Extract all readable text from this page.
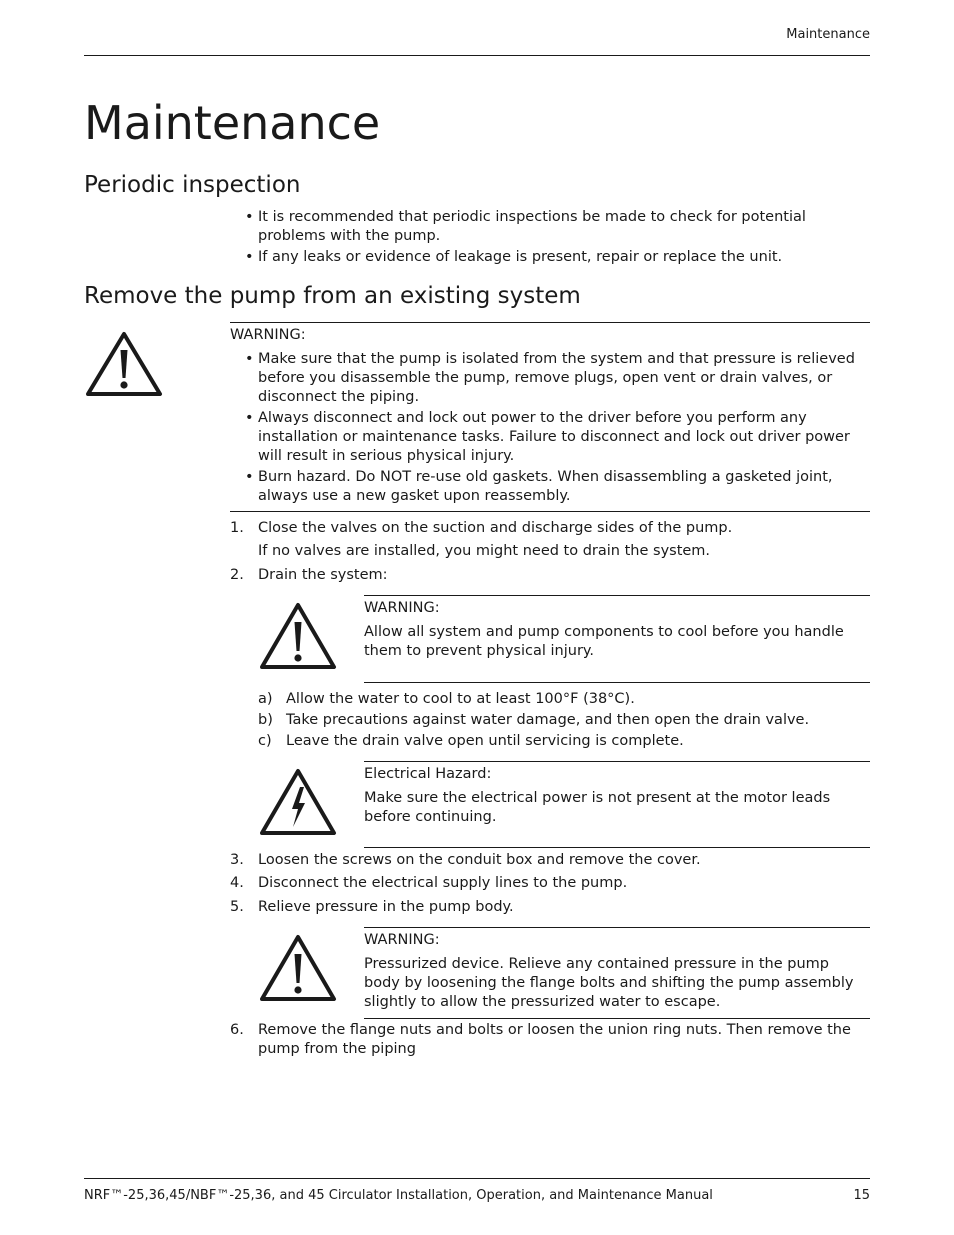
Maintenance
Maintenance
Periodic inspection
• It is recommended that periodic inspections be made to check for potential problems with the pump.
• If any leaks or evidence of leakage is present, repair or replace the unit.
Remove the pump from an existing system
WARNING:
• Make sure that the pump is isolated from the system and that pressure is relieved before you disassemble the pump, remove plugs, open vent or drain valves, or disconnect the piping.
• Always disconnect and lock out power to the driver before you perform any installation or maintenance tasks. Failure to disconnect and lock out driver power will result in serious physical injury.
• Burn hazard. Do NOT re-use old gaskets. When disassembling a gasketed joint, always use a new gasket upon reassembly.
1. Close the valves on the suction and discharge sides of the pump.
If no valves are installed, you might need to drain the system.
2. Drain the system:
WARNING:
Allow all system and pump components to cool before you handle them to prevent physical injury.
a) Allow the water to cool to at least 100°F (38°C).
b) Take precautions against water damage, and then open the drain valve.
c) Leave the drain valve open until servicing is complete.
Electrical Hazard:
Make sure the electrical power is not present at the motor leads before continuing.
3. Loosen the screws on the conduit box and remove the cover.
4. Disconnect the electrical supply lines to the pump.
5. Relieve pressure in the pump body.
WARNING:
Pressurized device. Relieve any contained pressure in the pump body by loosening the flange bolts and shifting the pump assembly slightly to allow the pressurized water to escape.
6. Remove the flange nuts and bolts or loosen the union ring nuts. Then remove the pump from the piping
NRF™-25,36,45/NBF™-25,36, and 45 Circulator Installation, Operation, and Maintenance Manual	15
